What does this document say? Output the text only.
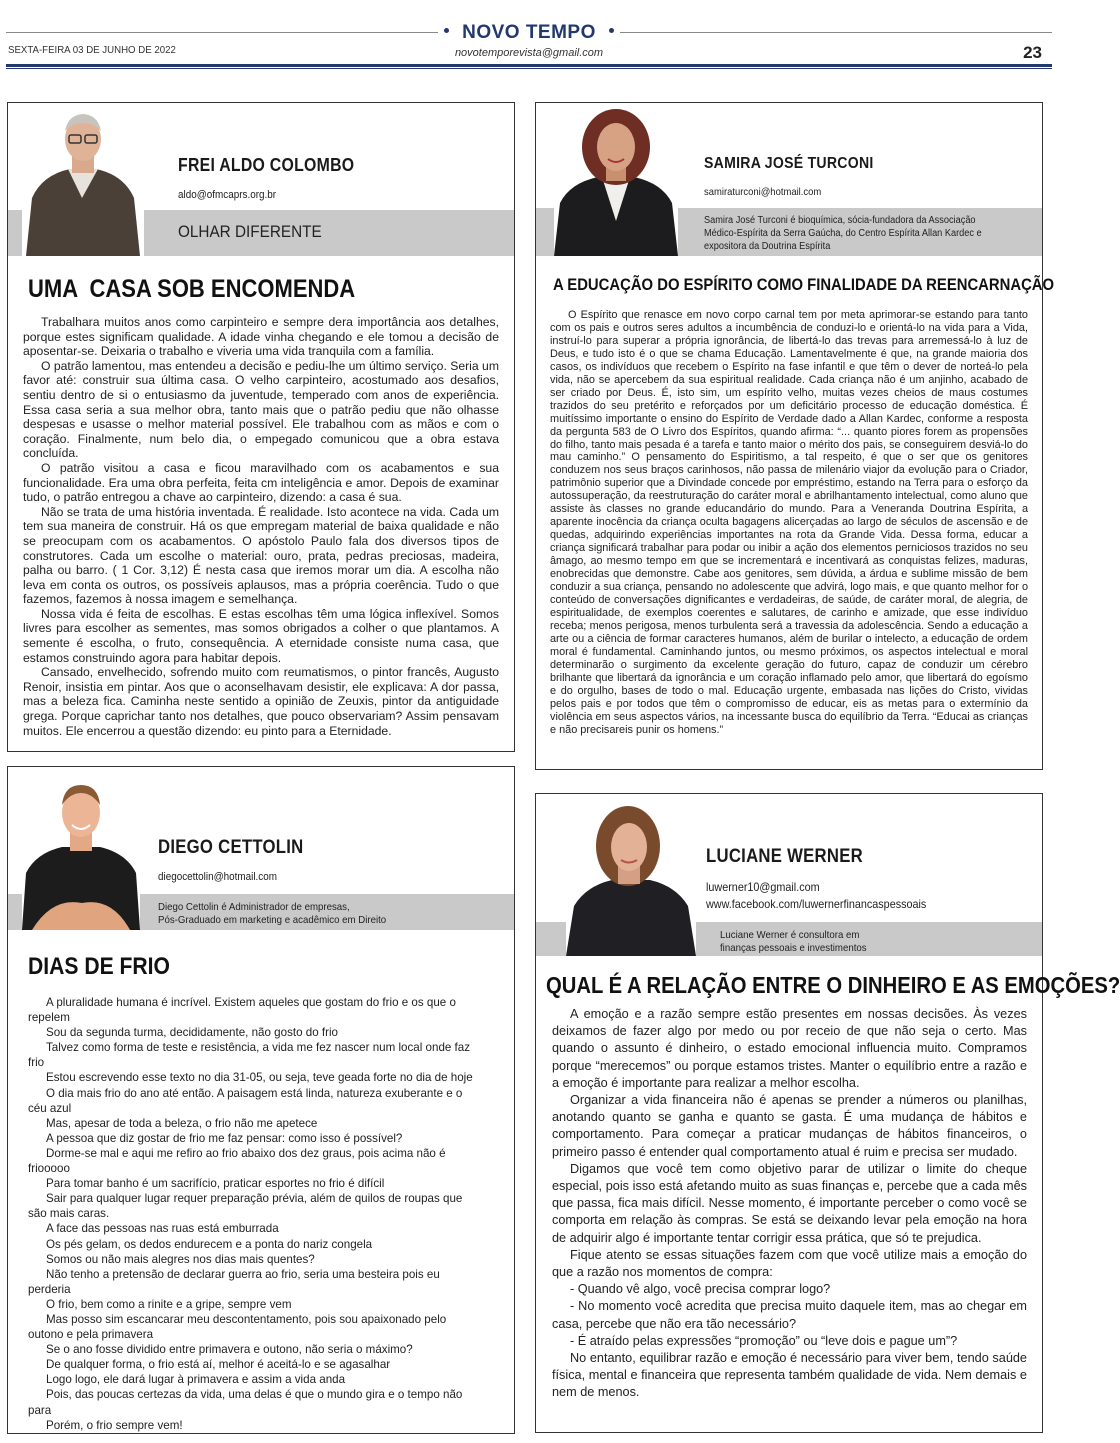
NOVO TEMPO
SEXTA-FEIRA 03 DE JUNHO DE 2022	novotemporevista@gmail.com	23
FREI ALDO COLOMBO
aldo@ofmcaprs.org.br
OLHAR DIFERENTE
UMA  CASA SOB ENCOMENDA

Trabalhara muitos anos como carpinteiro e sempre dera importância aos detalhes, porque estes significam qualidade. A idade vinha chegando e ele tomou a decisão de aposentar-se. Deixaria o trabalho e viveria uma vida tranquila com a família.

O patrão lamentou, mas entendeu a decisão e pediu-lhe um último serviço. Seria um favor até: construir sua última casa. O velho carpinteiro, acostumado aos desafios, sentiu dentro de si o entusiasmo da juventude, temperado com anos de experiência. Essa casa seria a sua melhor obra, tanto mais que o patrão pediu que não olhasse despesas e usasse o melhor material possível. Ele trabalhou com as mãos e com o coração. Finalmente, num belo dia, o empegado comunicou que a obra estava concluída.

O patrão visitou a casa e ficou maravilhado com os acabamentos e sua funcionalidade. Era uma obra perfeita, feita cm inteligência e amor. Depois de examinar tudo, o patrão entregou a chave ao carpinteiro, dizendo: a casa é sua.

Não se trata de uma história inventada. É realidade. Isto acontece na vida. Cada um tem sua maneira de construir. Há os que empregam material de baixa qualidade e não se preocupam com os acabamentos. O apóstolo Paulo fala dos diversos tipos de construtores. Cada um escolhe o material: ouro, prata, pedras preciosas, madeira, palha ou barro. ( 1 Cor. 3,12) É nesta casa que iremos morar um dia. A escolha não leva em conta os outros, os possíveis aplausos, mas a própria coerência. Tudo o que fazemos, fazemos à nossa imagem e semelhança.

Nossa vida é feita de escolhas. E estas escolhas têm uma lógica inflexível. Somos livres para escolher as sementes, mas somos obrigados a colher o que plantamos. A semente é escolha, o fruto, consequência. A eternidade consiste numa casa, que estamos construindo agora para habitar depois.

Cansado, envelhecido, sofrendo muito com reumatismos, o pintor francês, Augusto Renoir, insistia em pintar. Aos que o aconselhavam desistir, ele explicava: A dor passa, mas a beleza fica. Caminha neste sentido a opinião de Zeuxis, pintor da antiguidade grega. Porque caprichar tanto nos detalhes, que pouco observariam? Assim pensavam muitos. Ele encerrou a questão dizendo: eu pinto para a Eternidade.

SAMIRA JOSÉ TURCONI
samiraturconi@hotmail.com
Samira José Turconi é bioquímica, sócia-fundadora da Associação
Médico-Espírita da Serra Gaúcha, do Centro Espírita Allan Kardec e
expositora da Doutrina Espírita
A EDUCAÇÃO DO ESPÍRITO COMO FINALIDADE DA REENCARNAÇÃO

O Espírito que renasce em novo corpo carnal tem por meta aprimorar-se estando para tanto com os pais e outros seres adultos a incumbência de conduzi-lo e orientá-lo na vida para a Vida, instruí-lo para superar a própria ignorância, de libertá-lo das trevas para arremessá-lo à luz de Deus, e tudo isto é o que se chama Educação. Lamentavelmente é que, na grande maioria dos casos, os indivíduos que recebem o Espírito na fase infantil e que têm o dever de norteá-lo pela vida, não se apercebem da sua espiritual realidade. Cada criança não é um anjinho, acabado de ser criado por Deus. É, isto sim, um espírito velho, muitas vezes cheios de maus costumes trazidos do seu pretérito e reforçados por um deficitário processo de educação doméstica. É muitíssimo importante o ensino do Espírito de Verdade dado a Allan Kardec, conforme a resposta da pergunta 583 de O Livro dos Espíritos, quando afirma: “... quanto piores forem as propensões do filho, tanto mais pesada é a tarefa e tanto maior o mérito dos pais, se conseguirem desviá-lo do mau caminho.” O pensamento do Espiritismo, a tal respeito, é que o ser que os genitores conduzem nos seus braços carinhosos, não passa de milenário viajor da evolução para o Criador, patrimônio superior que a Divindade concede por empréstimo, estando na Terra para o esforço da autossuperação, da reestruturação do caráter moral e abrilhantamento intelectual, como aluno que assiste às classes no grande educandário do mundo. Para a Veneranda Doutrina Espírita, a aparente inocência da criança oculta bagagens alicerçadas ao largo de séculos de ascensão e de quedas, adquirindo experiências importantes na rota da Grande Vida. Dessa forma, educar a criança significará trabalhar para podar ou inibir a ação dos elementos perniciosos trazidos no seu âmago, ao mesmo tempo em que se incrementará e incentivará as conquistas felizes, maduras, enobrecidas que demonstre. Cabe aos genitores, sem dúvida, a árdua e sublime missão de bem conduzir a sua criança, pensando no adolescente que advirá, logo mais, e que quanto melhor for o conteúdo de conversações dignificantes e verdadeiras, de saúde, de caráter moral, de alegria, de espiritualidade, de exemplos coerentes e salutares, de carinho e amizade, que esse indivíduo receba; menos perigosa, menos turbulenta será a travessia da adolescência. Sendo a educação a arte ou a ciência de formar caracteres humanos, além de burilar o intelecto, a educação de ordem moral é fundamental. Caminhando juntos, ou mesmo próximos, os aspectos intelectual e moral determinarão o surgimento da excelente geração do futuro, capaz de conduzir um cérebro brilhante que libertará da ignorância e um coração inflamado pelo amor, que libertará do egoísmo e do orgulho, bases de todo o mal. Educação urgente, embasada nas lições do Cristo, vividas pelos pais e por todos que têm o compromisso de educar, eis as metas para o extermínio da violência em seus aspectos vários, na incessante busca do equilíbrio da Terra. “Educai as crianças e não precisareis punir os homens.”

DIEGO CETTOLIN
diegocettolin@hotmail.com
Diego Cettolin é Administrador de empresas,
Pós-Graduado em marketing e acadêmico em Direito
DIAS DE FRIO

A pluralidade humana é incrível. Existem aqueles que gostam do frio e os que o repelem

Sou da segunda turma, decididamente, não gosto do frio

Talvez como forma de teste e resistência, a vida me fez nascer num local onde faz frio

Estou escrevendo esse texto no dia 31-05, ou seja, teve geada forte no dia de hoje

O dia mais frio do ano até então. A paisagem está linda, natureza exuberante e o céu azul

Mas, apesar de toda a beleza, o frio não me apetece

A pessoa que diz gostar de frio me faz pensar: como isso é possível?

Dorme-se mal e aqui me refiro ao frio abaixo dos dez graus, pois acima não é friooooo

Para tomar banho é um sacrifício, praticar esportes no frio é difícil

Sair para qualquer lugar requer preparação prévia, além de quilos de roupas que são mais caras.

A face das pessoas nas ruas está emburrada

Os pés gelam, os dedos endurecem e a ponta do nariz congela

Somos ou não mais alegres nos dias mais quentes?

Não tenho a pretensão de declarar guerra ao frio, seria uma besteira pois eu perderia

O frio, bem como a rinite e a gripe, sempre vem

Mas posso sim escancarar meu descontentamento, pois sou apaixonado pelo outono e pela primavera

Se o ano fosse dividido entre primavera e outono, não seria o máximo?

De qualquer forma, o frio está aí, melhor é aceitá-lo e se agasalhar

Logo logo, ele dará lugar à primavera e assim a vida anda

Pois, das poucas certezas da vida, uma delas é que o mundo gira e o tempo não para

Porém, o frio sempre vem!

LUCIANE WERNER
luwerner10@gmail.com
www.facebook.com/luwernerfinancaspessoais
Luciane Werner é consultora em
finanças pessoais e investimentos
QUAL É A RELAÇÃO ENTRE O DINHEIRO E AS EMOÇÕES?

A emoção e a razão sempre estão presentes em nossas decisões. Às vezes deixamos de fazer algo por medo ou por receio de que não seja o certo. Mas quando o assunto é dinheiro, o estado emocional influencia muito. Compramos porque “merecemos” ou porque estamos tristes. Manter o equilíbrio entre a razão e a emoção é importante para realizar a melhor escolha.

Organizar a vida financeira não é apenas se prender a números ou planilhas, anotando quanto se ganha e quanto se gasta. É uma mudança de hábitos e comportamento. Para começar a praticar mudanças de hábitos financeiros, o primeiro passo é entender qual comportamento atual é ruim e precisa ser mudado.

Digamos que você tem como objetivo parar de utilizar o limite do cheque especial, pois isso está afetando muito as suas finanças e, percebe que a cada mês que passa, fica mais difícil. Nesse momento, é importante perceber o como você se comporta em relação às compras. Se está se deixando levar pela emoção na hora de adquirir algo é importante tentar corrigir essa prática, que só te prejudica.

Fique atento se essas situações fazem com que você utilize mais a emoção do que a razão nos momentos de compra:

- Quando vê algo, você precisa comprar logo?

- No momento você acredita que precisa muito daquele item, mas ao chegar em casa, percebe que não era tão necessário?

- É atraído pelas expressões “promoção” ou “leve dois e pague um”?

No entanto, equilibrar razão e emoção é necessário para viver bem, tendo saúde física, mental e financeira que representa também qualidade de vida. Nem demais e nem de menos.
